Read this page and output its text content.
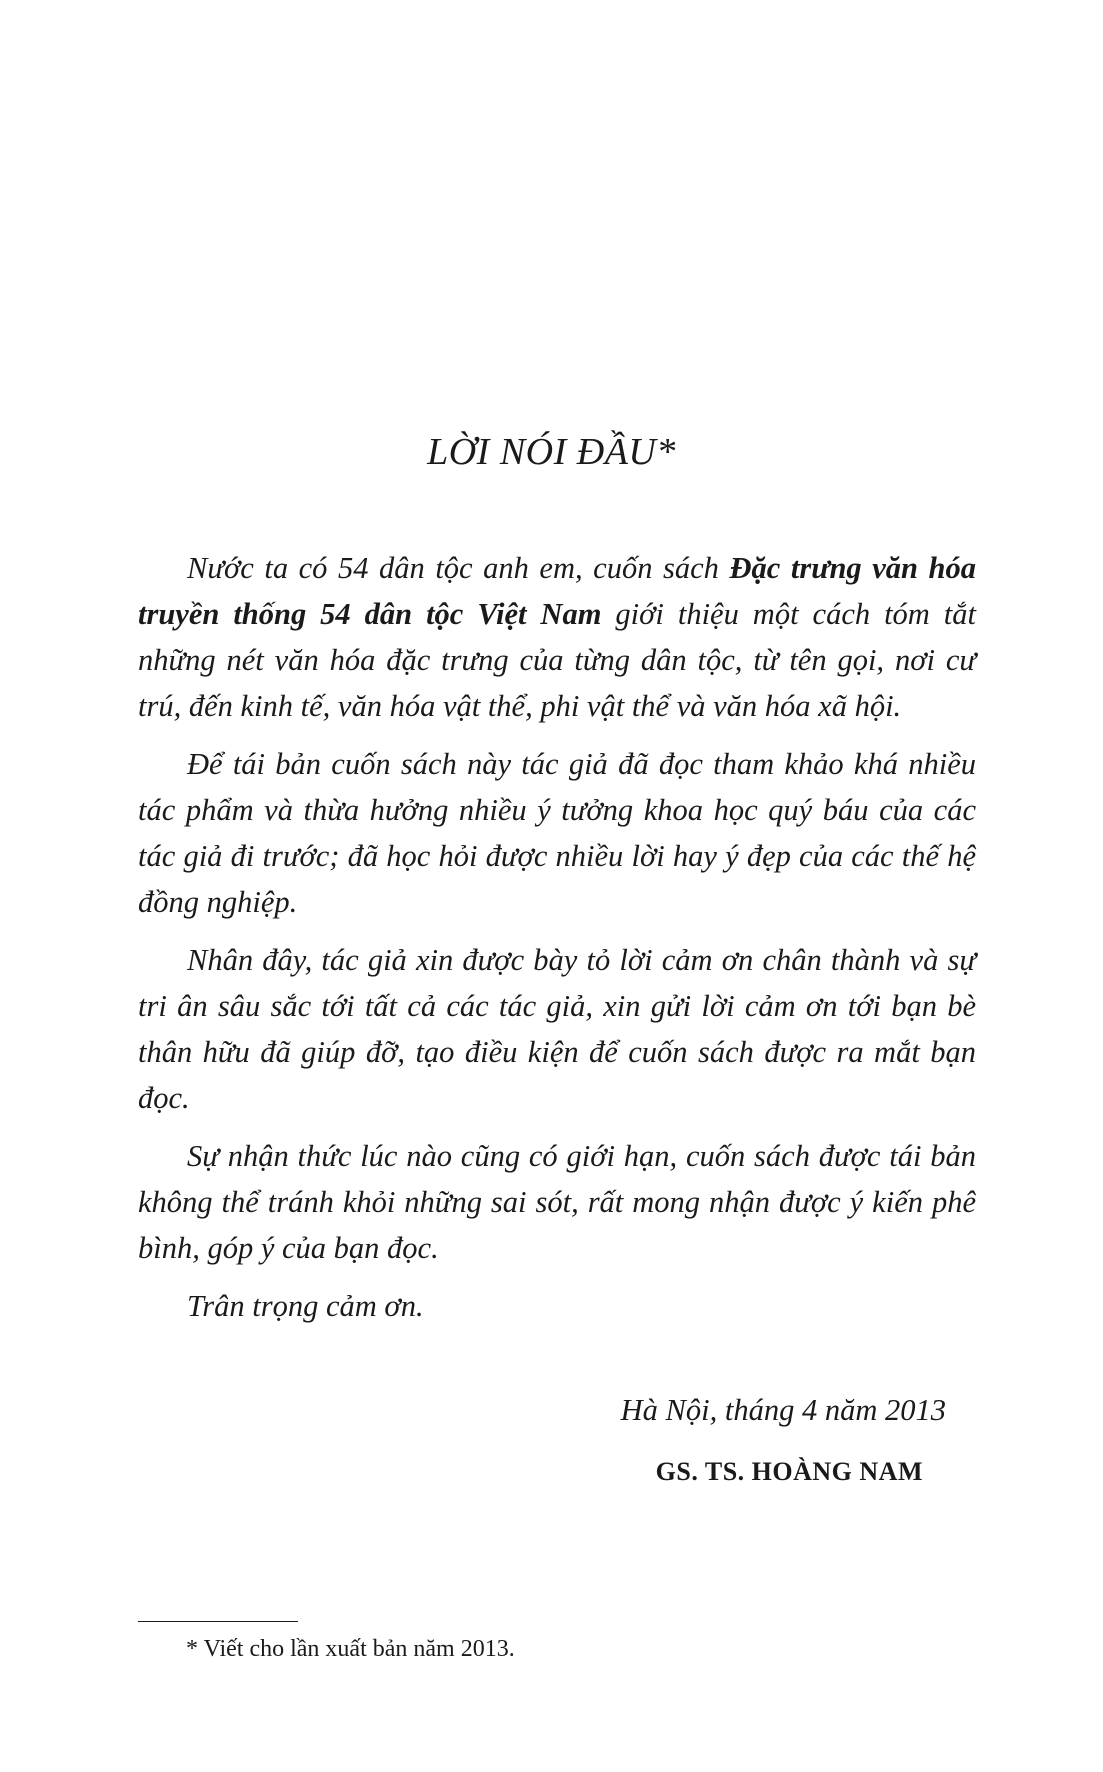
LỜI NÓI ĐẦU*

Nước ta có 54 dân tộc anh em, cuốn sách Đặc trưng văn hóa truyền thống 54 dân tộc Việt Nam giới thiệu một cách tóm tắt những nét văn hóa đặc trưng của từng dân tộc, từ tên gọi, nơi cư trú, đến kinh tế, văn hóa vật thể, phi vật thể và văn hóa xã hội.

Để tái bản cuốn sách này tác giả đã đọc tham khảo khá nhiều tác phẩm và thừa hưởng nhiều ý tưởng khoa học quý báu của các tác giả đi trước; đã học hỏi được nhiều lời hay ý đẹp của các thế hệ đồng nghiệp.

Nhân đây, tác giả xin được bày tỏ lời cảm ơn chân thành và sự tri ân sâu sắc tới tất cả các tác giả, xin gửi lời cảm ơn tới bạn bè thân hữu đã giúp đỡ, tạo điều kiện để cuốn sách được ra mắt bạn đọc.

Sự nhận thức lúc nào cũng có giới hạn, cuốn sách được tái bản không thể tránh khỏi những sai sót, rất mong nhận được ý kiến phê bình, góp ý của bạn đọc.

Trân trọng cảm ơn.

Hà Nội, tháng 4 năm 2013
GS. TS. HOÀNG NAM
* Viết cho lần xuất bản năm 2013.
